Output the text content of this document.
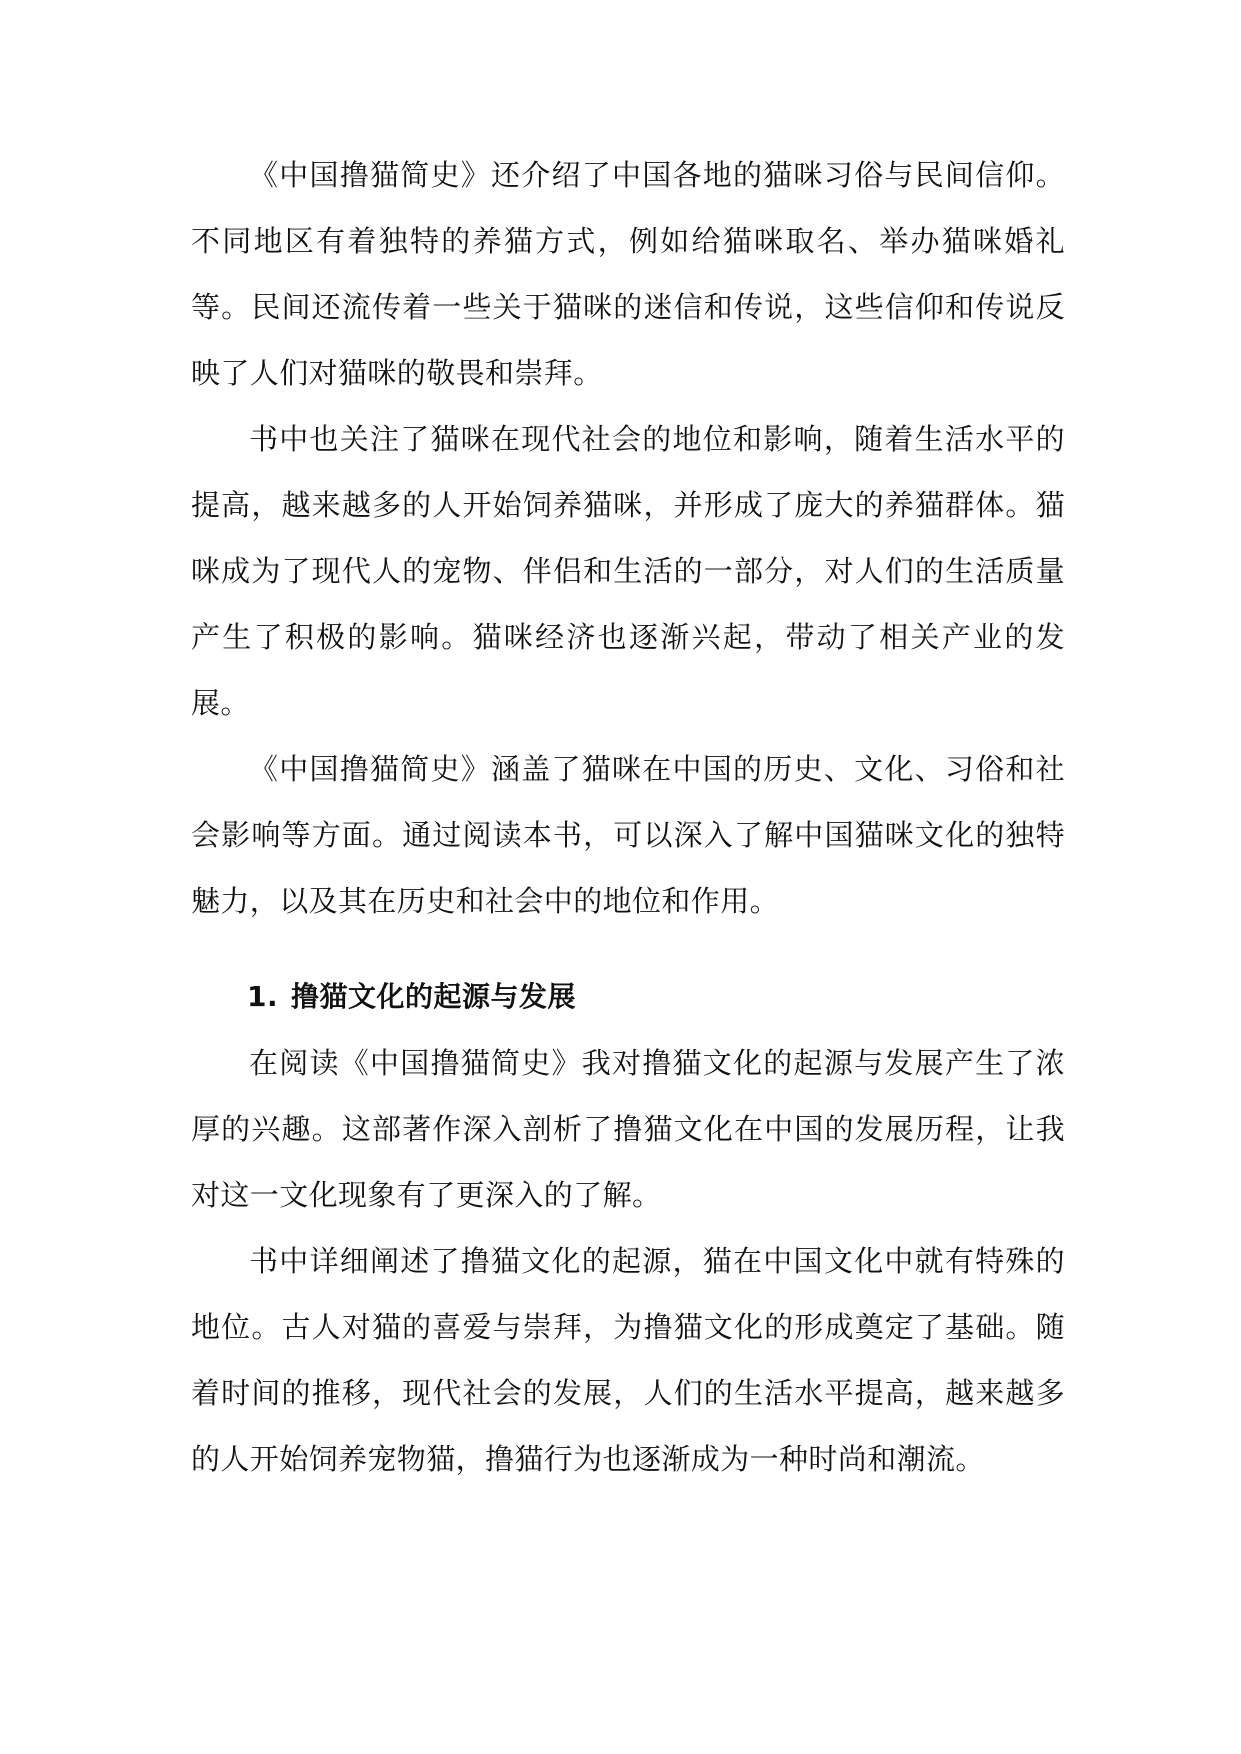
《中国撸猫简史》还介绍了中国各地的猫咪习俗与民间信仰。不同地区有着独特的养猫方式，例如给猫咪取名、举办猫咪婚礼等。民间还流传着一些关于猫咪的迷信和传说，这些信仰和传说反映了人们对猫咪的敬畏和崇拜。

书中也关注了猫咪在现代社会的地位和影响，随着生活水平的提高，越来越多的人开始饲养猫咪，并形成了庞大的养猫群体。猫咪成为了现代人的宠物、伴侣和生活的一部分，对人们的生活质量产生了积极的影响。猫咪经济也逐渐兴起，带动了相关产业的发展。

《中国撸猫简史》涵盖了猫咪在中国的历史、文化、习俗和社会影响等方面。通过阅读本书，可以深入了解中国猫咪文化的独特魅力，以及其在历史和社会中的地位和作用。

1. 撸猫文化的起源与发展

在阅读《中国撸猫简史》我对撸猫文化的起源与发展产生了浓厚的兴趣。这部著作深入剖析了撸猫文化在中国的发展历程，让我对这一文化现象有了更深入的了解。

书中详细阐述了撸猫文化的起源，猫在中国文化中就有特殊的地位。古人对猫的喜爱与崇拜，为撸猫文化的形成奠定了基础。随着时间的推移，现代社会的发展，人们的生活水平提高，越来越多的人开始饲养宠物猫，撸猫行为也逐渐成为一种时尚和潮流。
